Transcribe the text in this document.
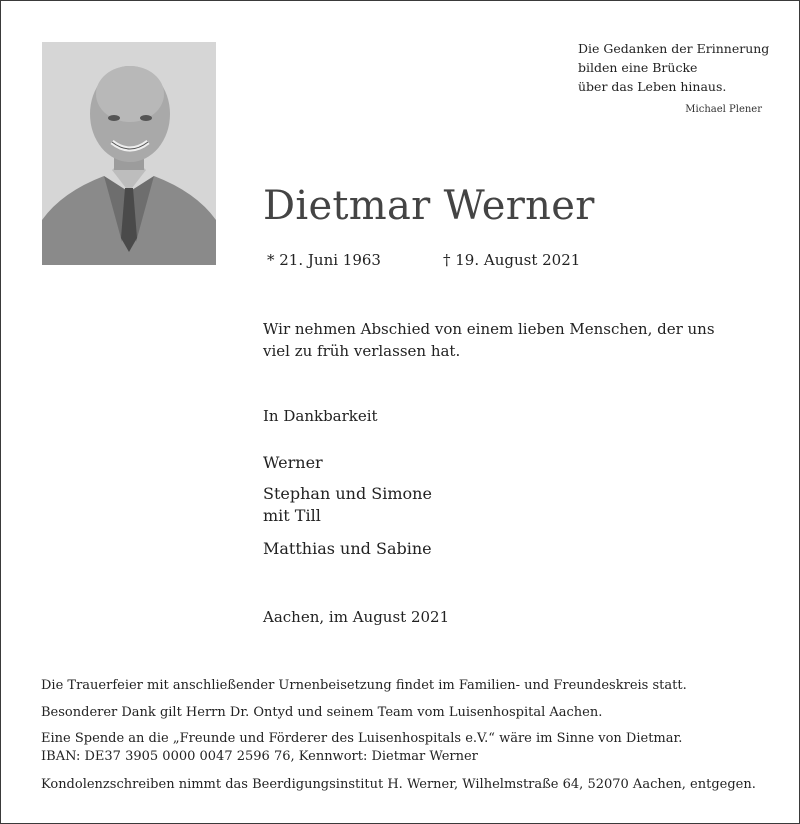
Die Gedanken der Erinnerung
bilden eine Brücke
über das Leben hinaus.
Michael Plener
Dietmar Werner
* 21. Juni 1963	† 19. August 2021
Wir nehmen Abschied von einem lieben Menschen, der uns viel zu früh verlassen hat.
In Dankbarkeit
Werner
Stephan und Simone
mit Till
Matthias und Sabine
Aachen, im August 2021
Die Trauerfeier mit anschließender Urnenbeisetzung findet im Familien- und Freundeskreis statt.
Besonderer Dank gilt Herrn Dr. Ontyd und seinem Team vom Luisenhospital Aachen.
Eine Spende an die „Freunde und Förderer des Luisenhospitals e.V.“ wäre im Sinne von Dietmar.
IBAN: DE37 3905 0000 0047 2596 76, Kennwort: Dietmar Werner
Kondolenzschreiben nimmt das Beerdigungsinstitut H. Werner, Wilhelmstraße 64, 52070 Aachen, entgegen.
